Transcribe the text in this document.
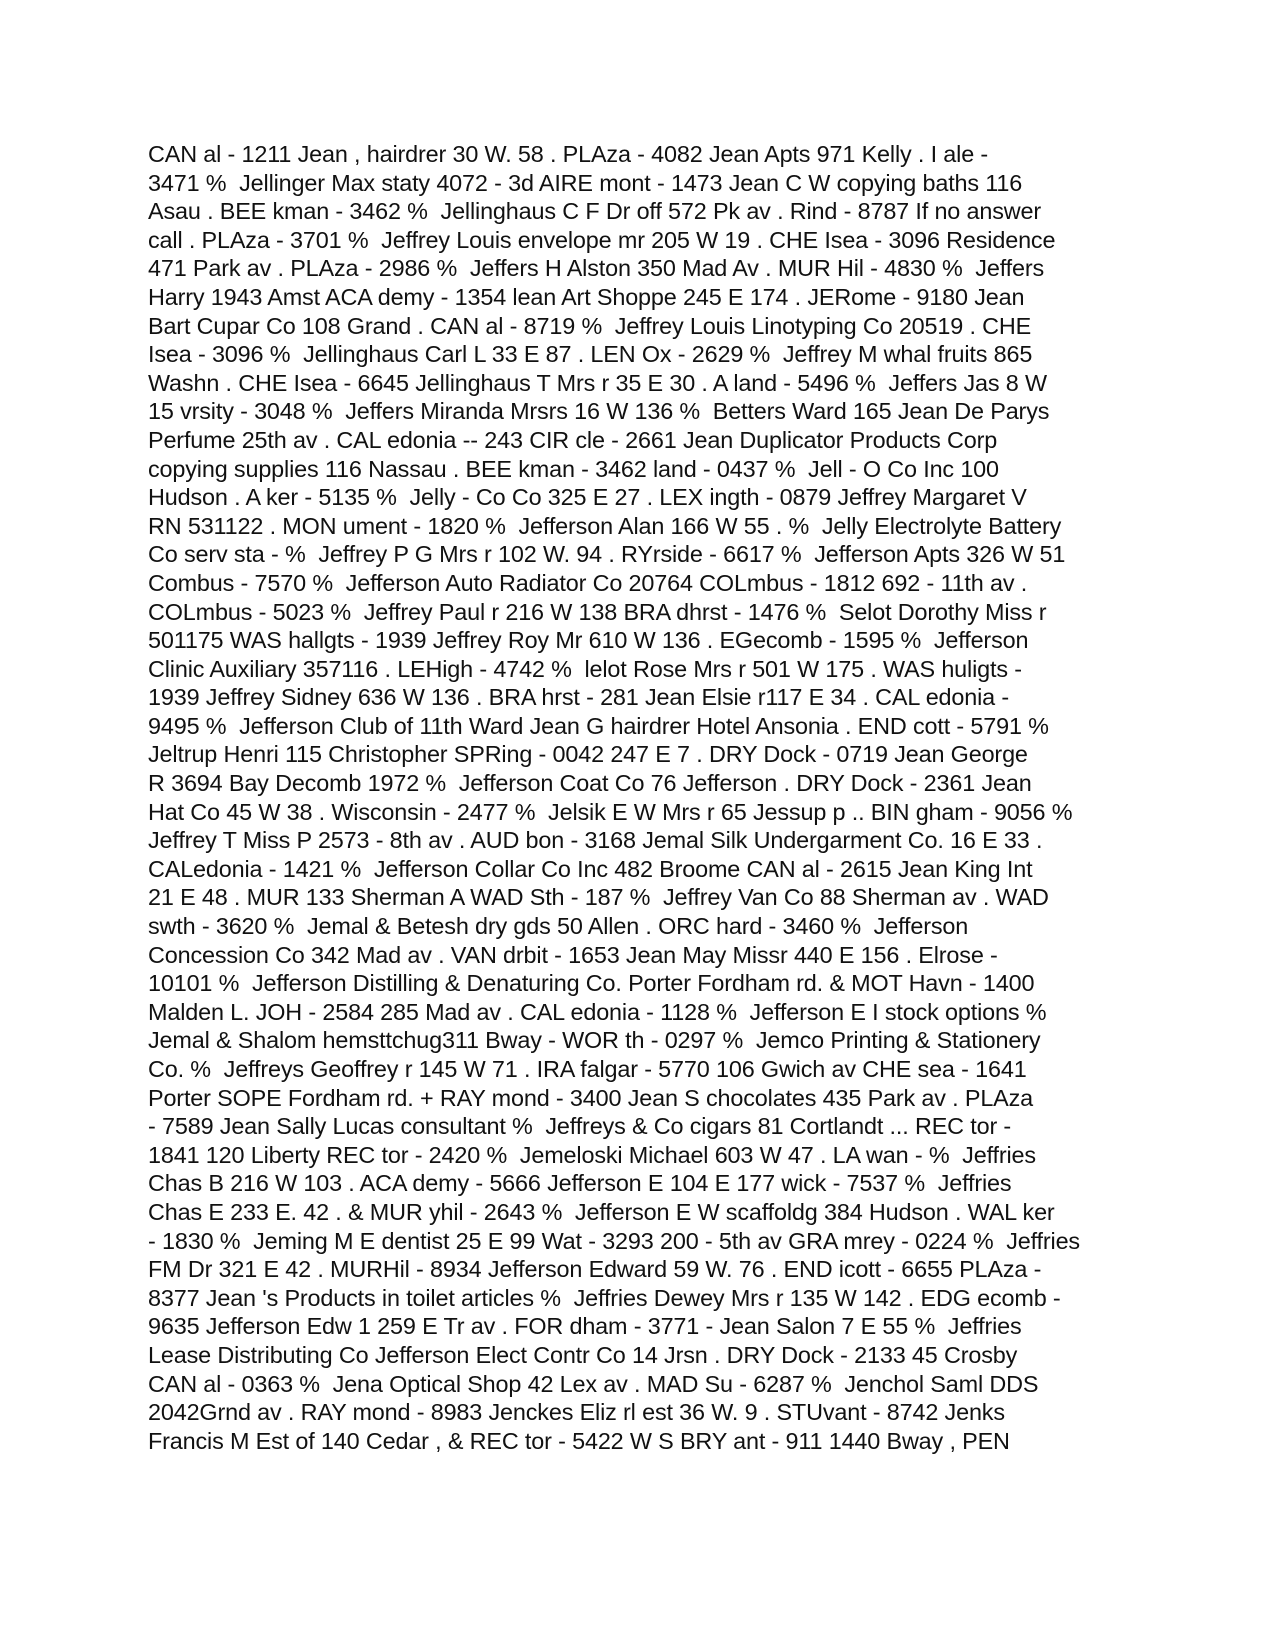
CAN al - 1211 Jean , hairdrer 30 W. 58 . PLAza - 4082 Jean Apts 971 Kelly . I ale -
3471 %  Jellinger Max staty 4072 - 3d AIRE mont - 1473 Jean C W copying baths 116
Asau . BEE kman - 3462 %  Jellinghaus C F Dr off 572 Pk av . Rind - 8787 If no answer
call . PLAza - 3701 %  Jeffrey Louis envelope mr 205 W 19 . CHE Isea - 3096 Residence
471 Park av . PLAza - 2986 %  Jeffers H Alston 350 Mad Av . MUR Hil - 4830 %  Jeffers
Harry 1943 Amst ACA demy - 1354 lean Art Shoppe 245 E 174 . JERome - 9180 Jean
Bart Cupar Co 108 Grand . CAN al - 8719 %  Jeffrey Louis Linotyping Co 20519 . CHE
Isea - 3096 %  Jellinghaus Carl L 33 E 87 . LEN Ox - 2629 %  Jeffrey M whal fruits 865
Washn . CHE Isea - 6645 Jellinghaus T Mrs r 35 E 30 . A land - 5496 %  Jeffers Jas 8 W
15 vrsity - 3048 %  Jeffers Miranda Mrsrs 16 W 136 %  Betters Ward 165 Jean De Parys
Perfume 25th av . CAL edonia -- 243 CIR cle - 2661 Jean Duplicator Products Corp
copying supplies 116 Nassau . BEE kman - 3462 land - 0437 %  Jell - O Co Inc 100
Hudson . A ker - 5135 %  Jelly - Co Co 325 E 27 . LEX ingth - 0879 Jeffrey Margaret V
RN 531122 . MON ument - 1820 %  Jefferson Alan 166 W 55 . %  Jelly Electrolyte Battery
Co serv sta - %  Jeffrey P G Mrs r 102 W. 94 . RYrside - 6617 %  Jefferson Apts 326 W 51
Combus - 7570 %  Jefferson Auto Radiator Co 20764 COLmbus - 1812 692 - 11th av .
COLmbus - 5023 %  Jeffrey Paul r 216 W 138 BRA dhrst - 1476 %  Selot Dorothy Miss r
501175 WAS hallgts - 1939 Jeffrey Roy Mr 610 W 136 . EGecomb - 1595 %  Jefferson
Clinic Auxiliary 357116 . LEHigh - 4742 %  lelot Rose Mrs r 501 W 175 . WAS huligts -
1939 Jeffrey Sidney 636 W 136 . BRA hrst - 281 Jean Elsie r117 E 34 . CAL edonia -
9495 %  Jefferson Club of 11th Ward Jean G hairdrer Hotel Ansonia . END cott - 5791 %
Jeltrup Henri 115 Christopher SPRing - 0042 247 E 7 . DRY Dock - 0719 Jean George
R 3694 Bay Decomb 1972 %  Jefferson Coat Co 76 Jefferson . DRY Dock - 2361 Jean
Hat Co 45 W 38 . Wisconsin - 2477 %  Jelsik E W Mrs r 65 Jessup p .. BIN gham - 9056 %
Jeffrey T Miss P 2573 - 8th av . AUD bon - 3168 Jemal Silk Undergarment Co. 16 E 33 .
CALedonia - 1421 %  Jefferson Collar Co Inc 482 Broome CAN al - 2615 Jean King Int
21 E 48 . MUR 133 Sherman A WAD Sth - 187 %  Jeffrey Van Co 88 Sherman av . WAD
swth - 3620 %  Jemal & Betesh dry gds 50 Allen . ORC hard - 3460 %  Jefferson
Concession Co 342 Mad av . VAN drbit - 1653 Jean May Missr 440 E 156 . Elrose -
10101 %  Jefferson Distilling & Denaturing Co. Porter Fordham rd. & MOT Havn - 1400
Malden L. JOH - 2584 285 Mad av . CAL edonia - 1128 %  Jefferson E I stock options %
Jemal & Shalom hemsttchug311 Bway - WOR th - 0297 %  Jemco Printing & Stationery
Co. %  Jeffreys Geoffrey r 145 W 71 . IRA falgar - 5770 106 Gwich av CHE sea - 1641
Porter SOPE Fordham rd. + RAY mond - 3400 Jean S chocolates 435 Park av . PLAza
- 7589 Jean Sally Lucas consultant %  Jeffreys & Co cigars 81 Cortlandt ... REC tor -
1841 120 Liberty REC tor - 2420 %  Jemeloski Michael 603 W 47 . LA wan - %  Jeffries
Chas B 216 W 103 . ACA demy - 5666 Jefferson E 104 E 177 wick - 7537 %  Jeffries
Chas E 233 E. 42 . & MUR yhil - 2643 %  Jefferson E W scaffoldg 384 Hudson . WAL ker
- 1830 %  Jeming M E dentist 25 E 99 Wat - 3293 200 - 5th av GRA mrey - 0224 %  Jeffries
FM Dr 321 E 42 . MURHil - 8934 Jefferson Edward 59 W. 76 . END icott - 6655 PLAza -
8377 Jean 's Products in toilet articles %  Jeffries Dewey Mrs r 135 W 142 . EDG ecomb -
9635 Jefferson Edw 1 259 E Tr av . FOR dham - 3771 - Jean Salon 7 E 55 %  Jeffries
Lease Distributing Co Jefferson Elect Contr Co 14 Jrsn . DRY Dock - 2133 45 Crosby
CAN al - 0363 %  Jena Optical Shop 42 Lex av . MAD Su - 6287 %  Jenchol Saml DDS
2042Grnd av . RAY mond - 8983 Jenckes Eliz rl est 36 W. 9 . STUvant - 8742 Jenks
Francis M Est of 140 Cedar , & REC tor - 5422 W S BRY ant - 911 1440 Bway , PEN
